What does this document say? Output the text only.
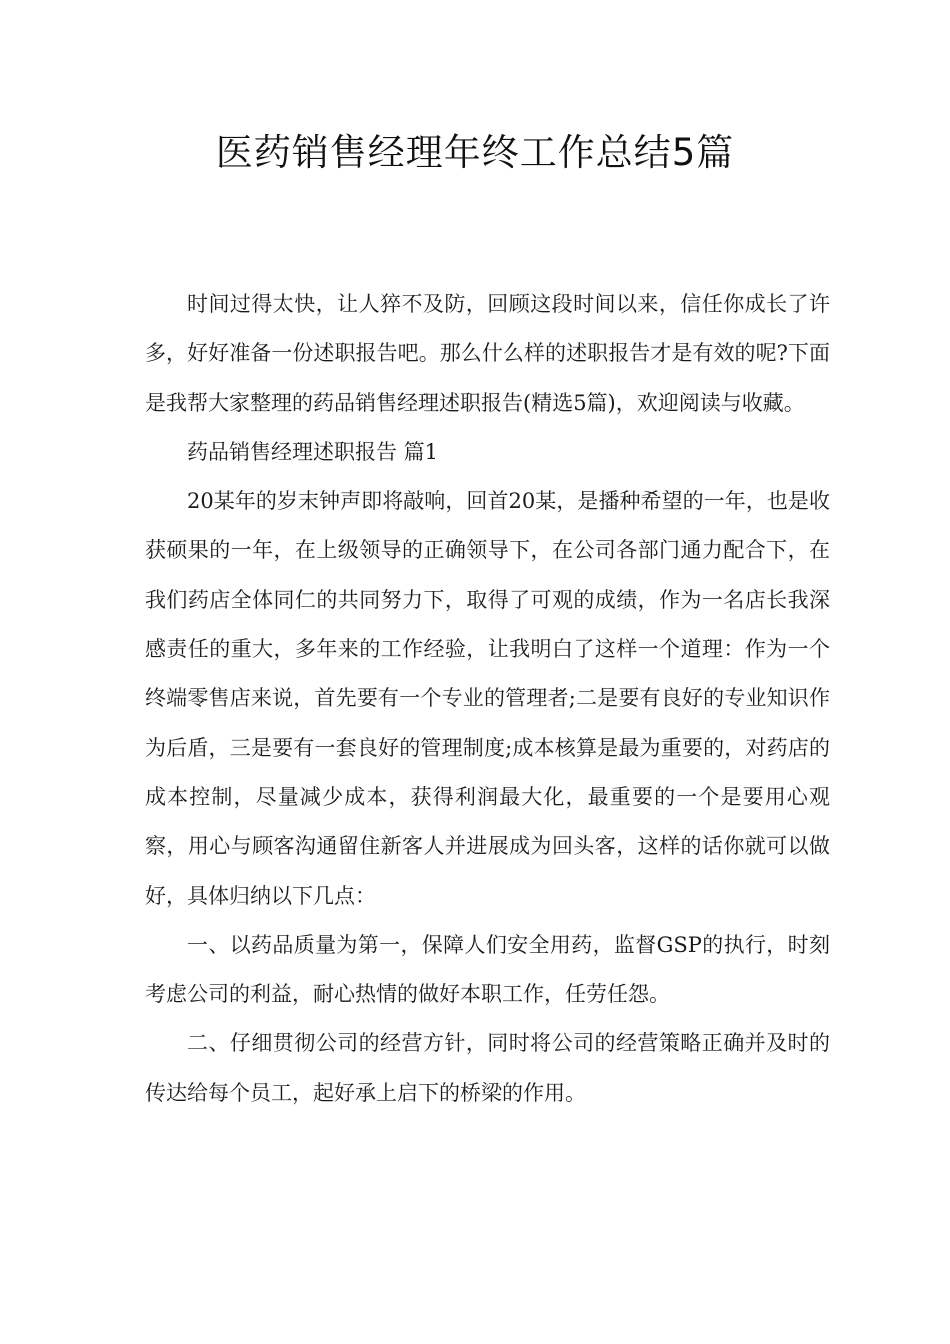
医药销售经理年终工作总结5篇

时间过得太快，让人猝不及防，回顾这段时间以来，信任你成长了许多，好好准备一份述职报告吧。那么什么样的述职报告才是有效的呢?下面是我帮大家整理的药品销售经理述职报告(精选5篇)，欢迎阅读与收藏。

药品销售经理述职报告 篇1

20某年的岁末钟声即将敲响，回首20某，是播种希望的一年，也是收获硕果的一年，在上级领导的正确领导下，在公司各部门通力配合下，在我们药店全体同仁的共同努力下，取得了可观的成绩，作为一名店长我深感责任的重大，多年来的工作经验，让我明白了这样一个道理：作为一个终端零售店来说，首先要有一个专业的管理者;二是要有良好的专业知识作为后盾，三是要有一套良好的管理制度;成本核算是最为重要的，对药店的成本控制，尽量减少成本，获得利润最大化，最重要的一个是要用心观察，用心与顾客沟通留住新客人并进展成为回头客，这样的话你就可以做好，具体归纳以下几点：

一、以药品质量为第一，保障人们安全用药，监督GSP的执行，时刻考虑公司的利益，耐心热情的做好本职工作，任劳任怨。

二、仔细贯彻公司的经营方针，同时将公司的经营策略正确并及时的传达给每个员工，起好承上启下的桥梁的作用。
